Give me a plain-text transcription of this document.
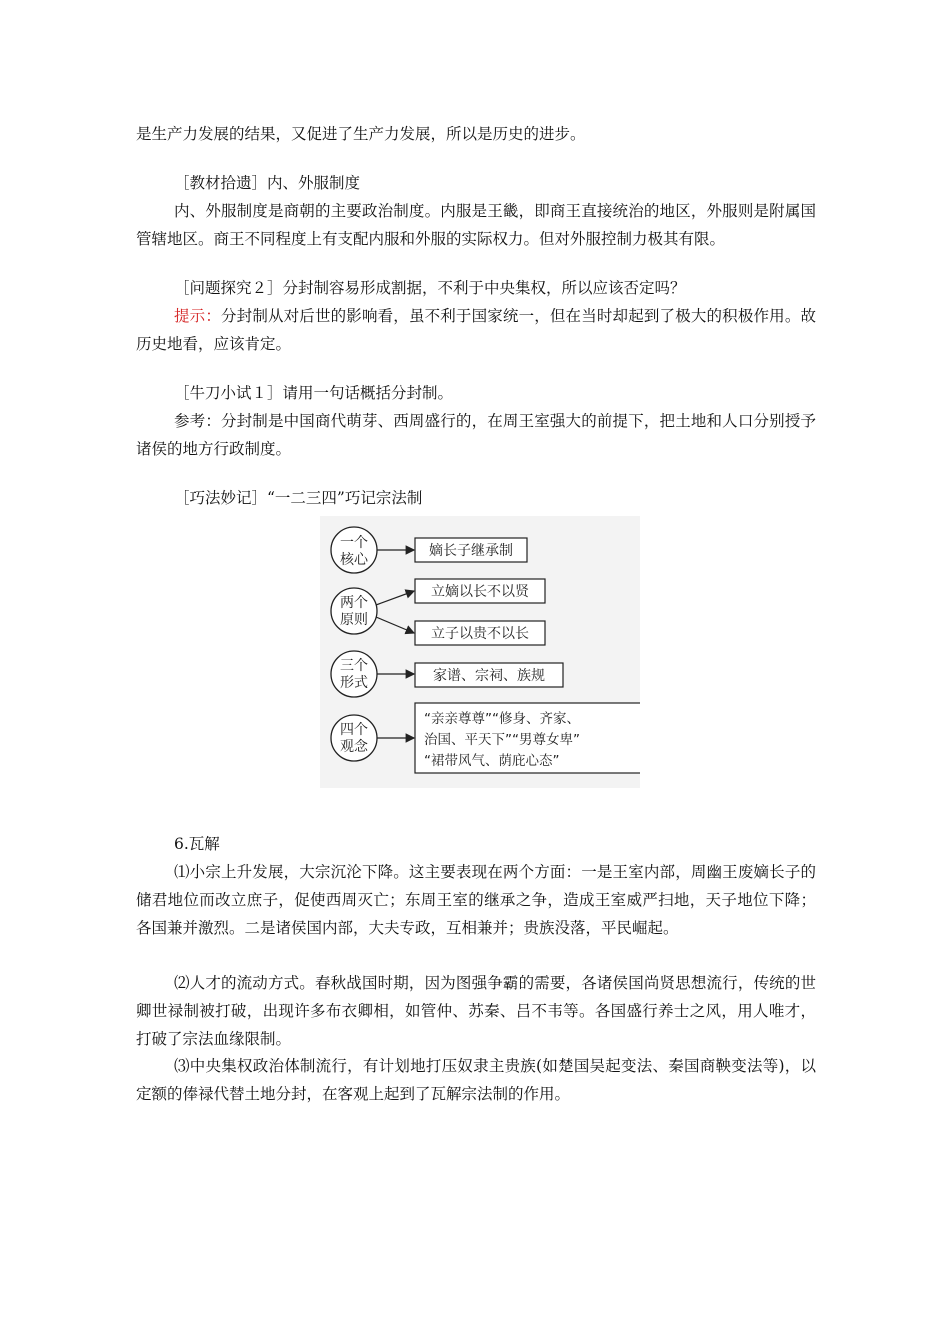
是生产力发展的结果，又促进了生产力发展，所以是历史的进步。
［教材拾遗］内、外服制度
内、外服制度是商朝的主要政治制度。内服是王畿，即商王直接统治的地区，外服则是附属国管辖地区。商王不同程度上有支配内服和外服的实际权力。但对外服控制力极其有限。
［问题探究２］分封制容易形成割据，不利于中央集权，所以应该否定吗？
提示：分封制从对后世的影响看，虽不利于国家统一，但在当时却起到了极大的积极作用。故历史地看，应该肯定。
［牛刀小试１］请用一句话概括分封制。
参考：分封制是中国商代萌芽、西周盛行的，在周王室强大的前提下，把土地和人口分别授予诸侯的地方行政制度。
［巧法妙记］“一二三四”巧记宗法制
一个
核心
嫡长子继承制
两个
原则
立嫡以长不以贤
立子以贵不以长
三个
形式	家谱、宗祠、族规
四个
观念
“亲亲尊尊”“修身、齐家、
治国、平天下”“男尊女卑”
“裙带风气、荫庇心态”
6.瓦解
⑴小宗上升发展，大宗沉沦下降。这主要表现在两个方面：一是王室内部，周幽王废嫡长子的储君地位而改立庶子，促使西周灭亡；东周王室的继承之争，造成王室威严扫地，天子地位下降；各国兼并激烈。二是诸侯国内部，大夫专政，互相兼并；贵族没落，平民崛起。
⑵人才的流动方式。春秋战国时期，因为图强争霸的需要，各诸侯国尚贤思想流行，传统的世卿世禄制被打破，出现许多布衣卿相，如管仲、苏秦、吕不韦等。各国盛行养士之风，用人唯才，打破了宗法血缘限制。
⑶中央集权政治体制流行，有计划地打压奴隶主贵族(如楚国吴起变法、秦国商鞅变法等)，以定额的俸禄代替土地分封，在客观上起到了瓦解宗法制的作用。
